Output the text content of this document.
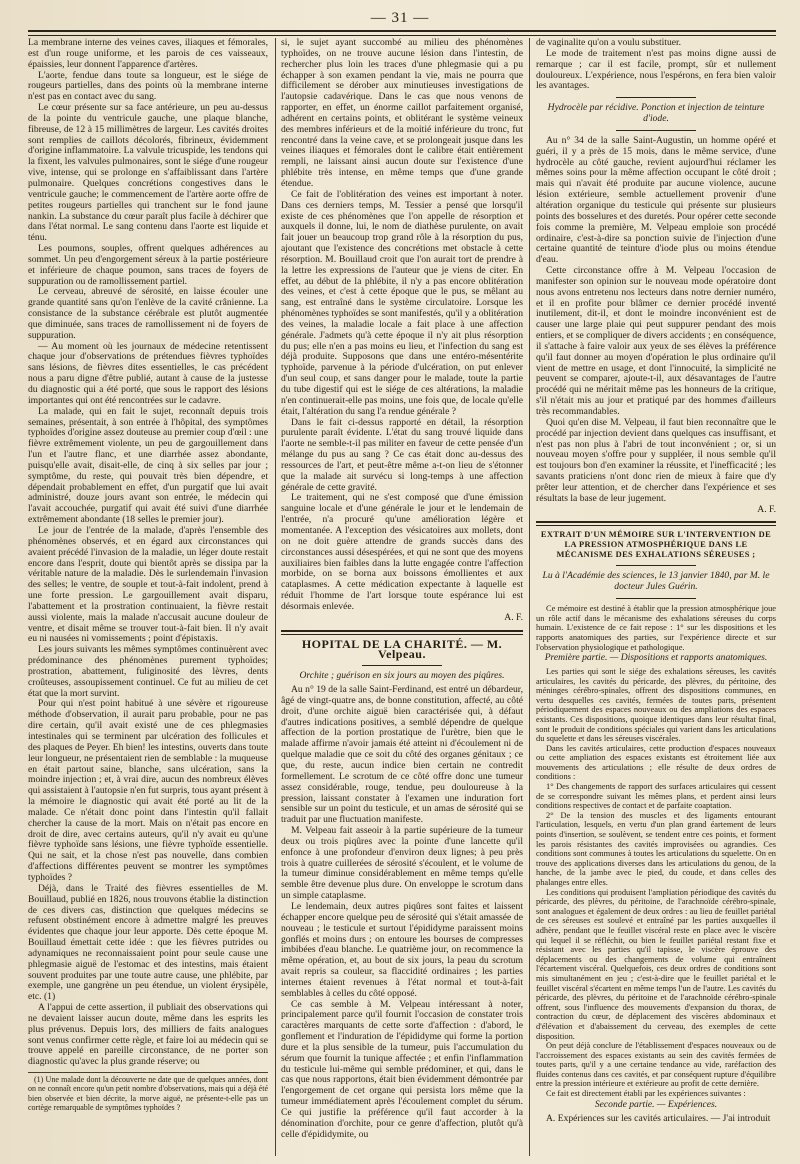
— 31 —

La membrane interne des veines caves, iliaques et fémorales, est d'un rouge uniforme, et les parois de ces vaisseaux, épaissies, leur donnent l'apparence d'artères.

L'aorte, fendue dans toute sa longueur, est le siége de rougeurs partielles, dans des points où la membrane interne n'est pas en contact avec du sang.

Le cœur présente sur sa face antérieure, un peu au-dessus de la pointe du ventricule gauche, une plaque blanche, fibreuse, de 12 à 15 millimètres de largeur. Les cavités droites sont remplies de caillots décolorés, fibrineux, évidemment d'origine inflammatoire. La valvule tricuspide, les tendons qui la fixent, les valvules pulmonaires, sont le siége d'une rougeur vive, intense, qui se prolonge en s'affaiblissant dans l'artère pulmonaire. Quelques concrétions congestives dans le ventricule gauche; le commencement de l'artère aorte offre de petites rougeurs partielles qui tranchent sur le fond jaune nankin. La substance du cœur paraît plus facile à déchirer que dans l'état normal. Le sang contenu dans l'aorte est liquide et ténu.

Les poumons, souples, offrent quelques adhérences au sommet. Un peu d'engorgement séreux à la partie postérieure et inférieure de chaque poumon, sans traces de foyers de suppuration ou de ramollissement partiel.

Le cerveau, abreuvé de sérosité, en laisse écouler une grande quantité sans qu'on l'enlève de la cavité crânienne. La consistance de la substance cérébrale est plutôt augmentée que diminuée, sans traces de ramollissement ni de foyers de suppuration.

— Au moment où les journaux de médecine retentissent chaque jour d'observations de prétendues fièvres typhoïdes sans lésions, de fièvres dites essentielles, le cas précédent nous a paru digne d'être publié, autant à cause de la justesse du diagnostic qui a été porté, que sous le rapport des lésions importantes qui ont été rencontrées sur le cadavre.

La malade, qui en fait le sujet, reconnaît depuis trois semaines, présentait, à son entrée à l'hôpital, des symptômes typhoïdes d'origine assez douteuse au premier coup d'œil : une fièvre extrêmement violente, un peu de gargouillement dans l'un et l'autre flanc, et une diarrhée assez abondante, puisqu'elle avait, disait-elle, de cinq à six selles par jour ; symptôme, du reste, qui pouvait très bien dépendre, et dépendait probablement en effet, d'un purgatif que lui avait administré, douze jours avant son entrée, le médecin qui l'avait accouchée, purgatif qui avait été suivi d'une diarrhée extrêmement abondante (18 selles le premier jour).

Le jour de l'entrée de la malade, d'après l'ensemble des phénomènes observés, et en égard aux circonstances qui avaient précédé l'invasion de la maladie, un léger doute restait encore dans l'esprit, doute qui bientôt après se dissipa par la véritable nature de la maladie. Dès le surlendemain l'invasion des selles; le ventre, de souple et tout-à-fait indolent, prend à une forte pression. Le gargouillement avait disparu, l'abattement et la prostration continuaient, la fièvre restait aussi violente, mais la malade n'accusait aucune douleur de ventre, et disait même se trouver tout-à-fait bien. Il n'y avait eu ni nausées ni vomissements ; point d'épistaxis.

Les jours suivants les mêmes symptômes continuèrent avec prédominance des phénomènes purement typhoïdes; prostration, abattement, fuliginosité des lèvres, dents croûteuses, assoupissement continuel. Ce fut au milieu de cet état que la mort survint.

Pour qui n'est point habitué à une sévère et rigoureuse méthode d'observation, il aurait paru probable, pour ne pas dire certain, qu'il avait existé une de ces phlegmasies intestinales qui se terminent par ulcération des follicules et des plaques de Peyer. Eh bien! les intestins, ouverts dans toute leur longueur, ne présentaient rien de semblable : la muqueuse en était partout saine, blanche, sans ulcération, sans la moindre injection ; et, à vrai dire, aucun des nombreux élèves qui assistaient à l'autopsie n'en fut surpris, tous ayant présent à la mémoire le diagnostic qui avait été porté au lit de la malade. Ce n'était donc point dans l'intestin qu'il fallait chercher la cause de la mort. Mais on n'était pas encore en droit de dire, avec certains auteurs, qu'il n'y avait eu qu'une fièvre typhoïde sans lésions, une fièvre typhoïde essentielle. Qui ne sait, et la chose n'est pas nouvelle, dans combien d'affections différentes peuvent se montrer les symptômes typhoïdes ?

Déjà, dans le Traité des fièvres essentielles de M. Bouillaud, publié en 1826, nous trouvons établie la distinction de ces divers cas, distinction que quelques médecins se refusent obstinément encore à admettre malgré les preuves évidentes que chaque jour leur apporte. Dès cette époque M. Bouillaud émettait cette idée : que les fièvres putrides ou adynamiques ne reconnaissaient point pour seule cause une phlegmasie aiguë de l'estomac et des intestins, mais étaient souvent produites par une toute autre cause, une phlébite, par exemple, une gangrène un peu étendue, un violent érysipèle, etc. (1)

A l'appui de cette assertion, il publiait des observations qui ne devaient laisser aucun doute, même dans les esprits les plus prévenus. Depuis lors, des milliers de faits analogues sont venus confirmer cette règle, et faire loi au médecin qui se trouve appelé en pareille circonstance, de ne porter son diagnostic qu'avec la plus grande réserve; ou

(1) Une malade dont la découverte ne date que de quelques années, dont on ne connaît encore qu'un petit nombre d'observations, mais qui a déjà été bien observée et bien décrite, la morve aiguë, ne présente-t-elle pas un cortège remarquable de symptômes typhoïdes ?

si, le sujet ayant succombé au milieu des phénomènes typhoïdes, on ne trouve aucune lésion dans l'intestin, de rechercher plus loin les traces d'une phlegmasie qui a pu échapper à son examen pendant la vie, mais ne pourra que difficilement se dérober aux minutieuses investigations de l'autopsie cadavérique. Dans le cas que nous venons de rapporter, en effet, un énorme caillot parfaitement organisé, adhérent en certains points, et oblitérant le système veineux des membres inférieurs et de la moitié inférieure du tronc, fut rencontré dans la veine cave, et se prolongeait jusque dans les veines iliaques et fémorales dont le calibre était entièrement rempli, ne laissant ainsi aucun doute sur l'existence d'une phlébite très intense, en même temps que d'une grande étendue.

Ce fait de l'oblitération des veines est important à noter. Dans ces derniers temps, M. Tessier a pensé que lorsqu'il existe de ces phénomènes que l'on appelle de résorption et auxquels il donne, lui, le nom de diathèse purulente, on avait fait jouer un beaucoup trop grand rôle à la résorption du pus, ajoutant que l'existence des concrétions met obstacle à cette résorption. M. Bouillaud croit que l'on aurait tort de prendre à la lettre les expressions de l'auteur que je viens de citer. En effet, au début de la phlébite, il n'y a pas encore oblitération des veines, et c'est à cette époque que le pus, se mêlant au sang, est entraîné dans le système circulatoire. Lorsque les phénomènes typhoïdes se sont manifestés, qu'il y a oblitération des veines, la maladie locale a fait place à une affection générale. J'admets qu'à cette époque il n'y ait plus résorption du pus; elle n'en a pas moins eu lieu, et l'infection du sang est déjà produite. Supposons que dans une entéro-mésentérite typhoïde, parvenue à la période d'ulcération, on put enlever d'un seul coup, et sans danger pour le malade, toute la partie du tube digestif qui est le siége de ces altérations, la maladie n'en continuerait-elle pas moins, une fois que, de locale qu'elle était, l'altération du sang l'a rendue générale ?

Dans le fait ci-dessus rapporté en détail, la résorption purulente paraît évidente. L'état du sang trouvé liquide dans l'aorte ne semble-t-il pas militer en faveur de cette pensée d'un mélange du pus au sang ? Ce cas était donc au-dessus des ressources de l'art, et peut-être même a-t-on lieu de s'étonner que la malade ait survécu si long-temps à une affection générale de cette gravité.

Le traitement, qui ne s'est composé que d'une émission sanguine locale et d'une générale le jour et le lendemain de l'entrée, n'a procuré qu'une amélioration légère et momentanée. A l'exception des vésicatoires aux mollets, dont on ne doit guère attendre de grands succès dans des circonstances aussi désespérées, et qui ne sont que des moyens auxiliaires bien faibles dans la lutte engagée contre l'affection morbide, on se borna aux boissons émollientes et aux cataplasmes. A cette médication expectante à laquelle est réduit l'homme de l'art lorsque toute espérance lui est désormais enlevée.

A. F.

HOPITAL DE LA CHARITÉ. — M. Velpeau.

Orchite ; guérison en six jours au moyen des piqûres.

Au n° 19 de la salle Saint-Ferdinand, est entré un débardeur, âgé de vingt-quatre ans, de bonne constitution, affecté, au côté droit, d'une orchite aiguë bien caractérisée qui, à défaut d'autres indications positives, a semblé dépendre de quelque affection de la portion prostatique de l'urètre, bien que le malade affirme n'avoir jamais été atteint ni d'écoulement ni de quelque maladie que ce soit du côté des organes génitaux ; ce que, du reste, aucun indice bien certain ne contredit formellement. Le scrotum de ce côté offre donc une tumeur assez considérable, rouge, tendue, peu douloureuse à la pression, laissant constater à l'examen une induration fort sensible sur un point du testicule, et un amas de sérosité qui se traduit par une fluctuation manifeste.

M. Velpeau fait asseoir à la partie supérieure de la tumeur deux ou trois piqûres avec la pointe d'une lancette qu'il enfonce à une profondeur d'environ deux lignes; à peu près trois à quatre cuillerées de sérosité s'écoulent, et le volume de la tumeur diminue considérablement en même temps qu'elle semble être devenue plus dure. On enveloppe le scrotum dans un simple cataplasme.

Le lendemain, deux autres piqûres sont faites et laissent échapper encore quelque peu de sérosité qui s'était amassée de nouveau ; le testicule et surtout l'épididyme paraissent moins gonflés et moins durs ; on entoure les bourses de compresses imbibées d'eau blanche. Le quatrième jour, on recommence la même opération, et, au bout de six jours, la peau du scrotum avait repris sa couleur, sa flaccidité ordinaires ; les parties internes étaient revenues à l'état normal et tout-à-fait semblables à celles du côté opposé.

Ce cas semble à M. Velpeau intéressant à noter, principalement parce qu'il fournit l'occasion de constater trois caractères marquants de cette sorte d'affection : d'abord, le gonflement et l'induration de l'épididyme qui forme la portion dure et la plus sensible de la tumeur, puis l'accumulation du sérum que fournit la tunique affectée ; et enfin l'inflammation du testicule lui-même qui semble prédominer, et qui, dans le cas que nous rapportons, était bien évidemment démontrée par l'engorgement de cet organe qui persista lors même que la tumeur immédiatement après l'écoulement complet du sérum. Ce qui justifie la préférence qu'il faut accorder à la dénomination d'orchite, pour ce genre d'affection, plutôt qu'à celle d'épididymite, ou

de vaginalite qu'on a voulu substituer.

Le mode de traitement n'est pas moins digne aussi de remarque ; car il est facile, prompt, sûr et nullement douloureux. L'expérience, nous l'espérons, en fera bien valoir les avantages.

Hydrocèle par récidive. Ponction et injection de teinture d'iode.

Au n° 34 de la salle Saint-Augustin, un homme opéré et guéri, il y a près de 15 mois, dans le même service, d'une hydrocèle au côté gauche, revient aujourd'hui réclamer les mêmes soins pour la même affection occupant le côté droit ; mais qui n'avait été produite par aucune violence, aucune lésion extérieure, semble actuellement provenir d'une altération organique du testicule qui présente sur plusieurs points des bosselures et des duretés. Pour opérer cette seconde fois comme la première, M. Velpeau emploie son procédé ordinaire, c'est-à-dire sa ponction suivie de l'injection d'une certaine quantité de teinture d'iode plus ou moins étendue d'eau.

Cette circonstance offre à M. Velpeau l'occasion de manifester son opinion sur le nouveau mode opératoire dont nous avons entretenu nos lecteurs dans notre dernier numéro, et il en profite pour blâmer ce dernier procédé inventé inutilement, dit-il, et dont le moindre inconvénient est de causer une large plaie qui peut suppurer pendant des mois entiers, et se compliquer de divers accidents ; en conséquence, il s'attache à faire valoir aux yeux de ses élèves la préférence qu'il faut donner au moyen d'opération le plus ordinaire qu'il vient de mettre en usage, et dont l'innocuité, la simplicité ne peuvent se comparer, ajoute-t-il, aux désavantages de l'autre procédé qui ne méritait même pas les honneurs de la critique, s'il n'était mis au jour et pratiqué par des hommes d'ailleurs très recommandables.

Quoi qu'en dise M. Velpeau, il faut bien reconnaître que le procédé par injection devient dans quelques cas insuffisant, et n'est pas non plus à l'abri de tout inconvénient ; or, si un nouveau moyen s'offre pour y suppléer, il nous semble qu'il est toujours bon d'en examiner la réussite, et l'inefficacité ; les savants praticiens n'ont donc rien de mieux à faire que d'y prêter leur attention, et de chercher dans l'expérience et ses résultats la base de leur jugement.

A. F.

EXTRAIT D'UN MÉMOIRE SUR L'INTERVENTION DE LA PRESSION ATMOSPHÉRIQUE DANS LE MÉCANISME DES EXHALATIONS SÉREUSES ;

Lu à l'Académie des sciences, le 13 janvier 1840, par M. le docteur Jules Guérin.

Ce mémoire est destiné à établir que la pression atmosphérique joue un rôle actif dans le mécanisme des exhalations séreuses du corps humain. L'existence de ce fait repose : 1° sur les dispositions et les rapports anatomiques des parties, sur l'expérience directe et sur l'observation physiologique et pathologique.

Première partie. — Dispositions et rapports anatomiques.

Les parties qui sont le siége des exhalations séreuses, les cavités articulaires, les cavités du péricarde, des plèvres, du péritoine, des méninges cérébro-spinales, offrent des dispositions communes, en vertu desquelles ces cavités, fermées de toutes parts, présentent périodiquement des espaces nouveaux ou des ampliations des espaces existants. Ces dispositions, quoique identiques dans leur résultat final, sont le produit de conditions spéciales qui varient dans les articulations du squelette et dans les séreuses viscérales.

Dans les cavités articulaires, cette production d'espaces nouveaux ou cette ampliation des espaces existants est étroitement liée aux mouvements des articulations ; elle résulte de deux ordres de conditions :

1° Des changements de rapport des surfaces articulaires qui cessent de se correspondre suivant les mêmes plans, et perdent ainsi leurs conditions respectives de contact et de parfaite coaptation.

2° De la tension des muscles et des ligaments entourant l'articulation, lesquels, en vertu d'un plan grand éartement de leurs points d'insertion, se soulèvent, se tendent entre ces points, et forment les parois résistantes des cavités improvisées ou agrandies. Ces conditions sont communes à toutes les articulations du squelette. On en trouve des applications diverses dans les articulations du genou, de la hanche, de la jambe avec le pied, du coude, et dans celles des phalanges entre elles.

Les conditions qui produisent l'ampliation périodique des cavités du péricarde, des plèvres, du péritoine, de l'arachnoïde cérébro-spinale, sont analogues et également de deux ordres : au lieu de feuillet pariétal de ces séreuses est soulevé et entraîné par les parties auxquelles il adhère, pendant que le feuillet viscéral reste en place avec le viscère qui lequel il se réfléchit, ou bien le feuillet pariétal restant fixe et résistant avec les parties qu'il tapisse, le viscère éprouve des déplacements ou des changements de volume qui entraînent l'écartement viscéral. Quelquefois, ces deux ordres de conditions sont mis simultanément en jeu ; c'est-à-dire que le feuillet pariétal et le feuillet viscéral s'écartent en même temps l'un de l'autre. Les cavités du péricarde, des plèvres, du péritoine et de l'arachnoïde cérébro-spinale offrent, sous l'influence des mouvements d'expansion du thorax, de contraction du cœur, de déplacement des viscères abdominaux et d'élévation et d'abaissement du cerveau, des exemples de cette disposition.

On peut déjà conclure de l'établissement d'espaces nouveaux ou de l'accroissement des espaces existants au sein des cavités fermées de toutes parts, qu'il y a une certaine tendance au vide, raréfaction des fluides contenus dans ces cavités, et par conséquent rupture d'équilibre entre la pression intérieure et extérieure au profit de cette dernière.

Ce fait est directement établi par les expériences suivantes :

Seconde partie. — Expériences.

A. Expériences sur les cavités articulaires. — J'ai introduit
